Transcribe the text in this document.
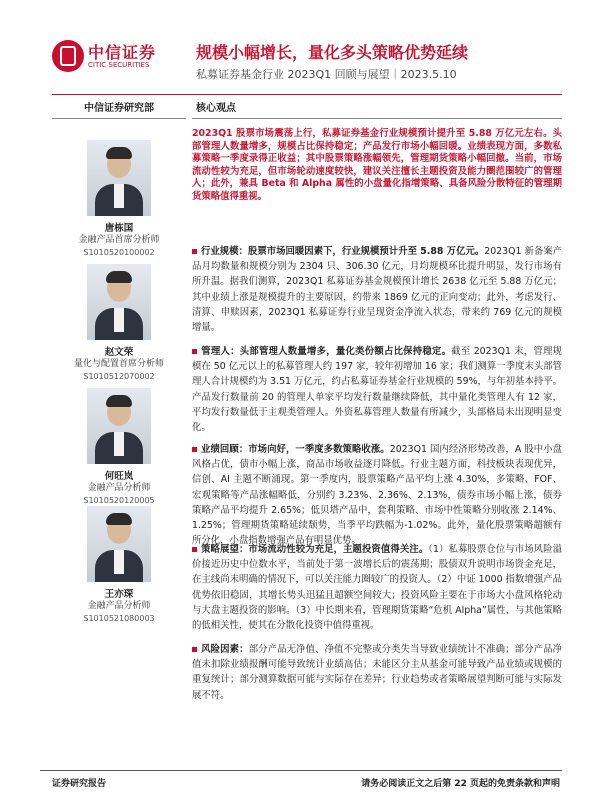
中信证券
CITIC SECURITIES
规模小幅增长，量化多头策略优势延续
私募证券基金行业 2023Q1 回顾与展望｜2023.5.10
中信证券研究部
唐栋国
金融产品首席分析师
S1010520100002
赵文荣
量化与配置首席分析师
S1010512070002
何旺岚
金融产品分析师
S1010520120005
王亦琛
金融产品分析师
S1010521080003
核心观点
2023Q1 股票市场震荡上行，私募证券基金行业规模预计提升至 5.88 万亿元左右。头部管理人数量增多，规模占比保持稳定；产品发行市场小幅回暖。业绩表现方面，多数私募策略一季度录得正收益；其中股票策略涨幅领先，管理期货策略小幅回撤。当前，市场流动性较为充足，但市场轮动速度较快，建议关注擅长主题投资及能力圈范围较广的管理人；此外，兼具 Beta 和 Alpha 属性的小盘量化指增策略、具备风险分散特征的管理期货策略值得重视。
行业规模：股票市场回暖因素下，行业规模预计升至 5.88 万亿元。2023Q1 新备案产品月均数量和规模分别为 2304 只、306.30 亿元，月均规模环比提升明显，发行市场有所升温。据我们测算，2023Q1 私募证券基金规模预计增长 2638 亿元至 5.88 万亿元；其中业绩上涨是规模提升的主要原因，约带来 1869 亿元的正向变动；此外，考虑发行、清算、申赎因素，2023Q1 私募证券行业呈现资金净流入状态，带来约 769 亿元的规模增量。
管理人：头部管理人数量增多，量化类份额占比保持稳定。截至 2023Q1 末，管理规模在 50 亿元以上的私募管理人约 197 家，较年初增加 16 家；我们测算一季度末头部管理人合计规模约为 3.51 万亿元，约占私募证券基金行业规模的 59%，与年初基本持平。产品发行数量前 20 的管理人单家平均发行数量继续降低，其中量化类管理人有 12 家，平均发行数量低于主观类管理人。外资私募管理人数量有所减少，头部格局未出现明显变化。
业绩回顾：市场向好，一季度多数策略收涨。2023Q1 国内经济形势改善，A 股中小盘风格占优，债市小幅上涨，商品市场收益逐月降低。行业主题方面，科技板块表现优异，信创、AI 主题不断涌现。第一季度内，股票策略产品平均上涨 4.30%，多策略、FOF、宏观策略等产品涨幅略低，分别约 3.23%、2.36%、2.13%，债券市场小幅上涨，债券策略产品平均提升 2.65%；低贝塔产品中，套利策略、市场中性策略分别收涨 2.14%、1.25%；管理期货策略延续颓势，当季平均跌幅为-1.02%。此外，量化股票策略超额有所分化，小盘指数增强产品有明显优势。
策略展望：市场流动性较为充足，主题投资值得关注。（1）私募股票仓位与市场风险溢价接近历史中位数水平，当前处于第一波增长后的震荡期；股债双升说明市场资金充足，在主线尚未明确的情况下，可以关注能力圈较广的投资人。（2）中证 1000 指数增强产品优势依旧稳固，其增长势头迅猛且超额空间较大；投资风险主要在于市场大小盘风格轮动与大盘主题投资的影响。（3）中长期来看，管理期货策略“危机 Alpha”属性、与其他策略的低相关性，使其在分散化投资中值得重视。
风险因素：部分产品无净值、净值不完整或分类失当导致业绩统计不准确；部分产品净值未扣除业绩报酬可能导致统计业绩高估；未能区分主从基金可能导致产品业绩或规模的重复统计；部分测算数据可能与实际存在差异；行业趋势或者策略展望判断可能与实际发展不符。
证券研究报告	请务必阅读正文之后第 22 页起的免责条款和声明
